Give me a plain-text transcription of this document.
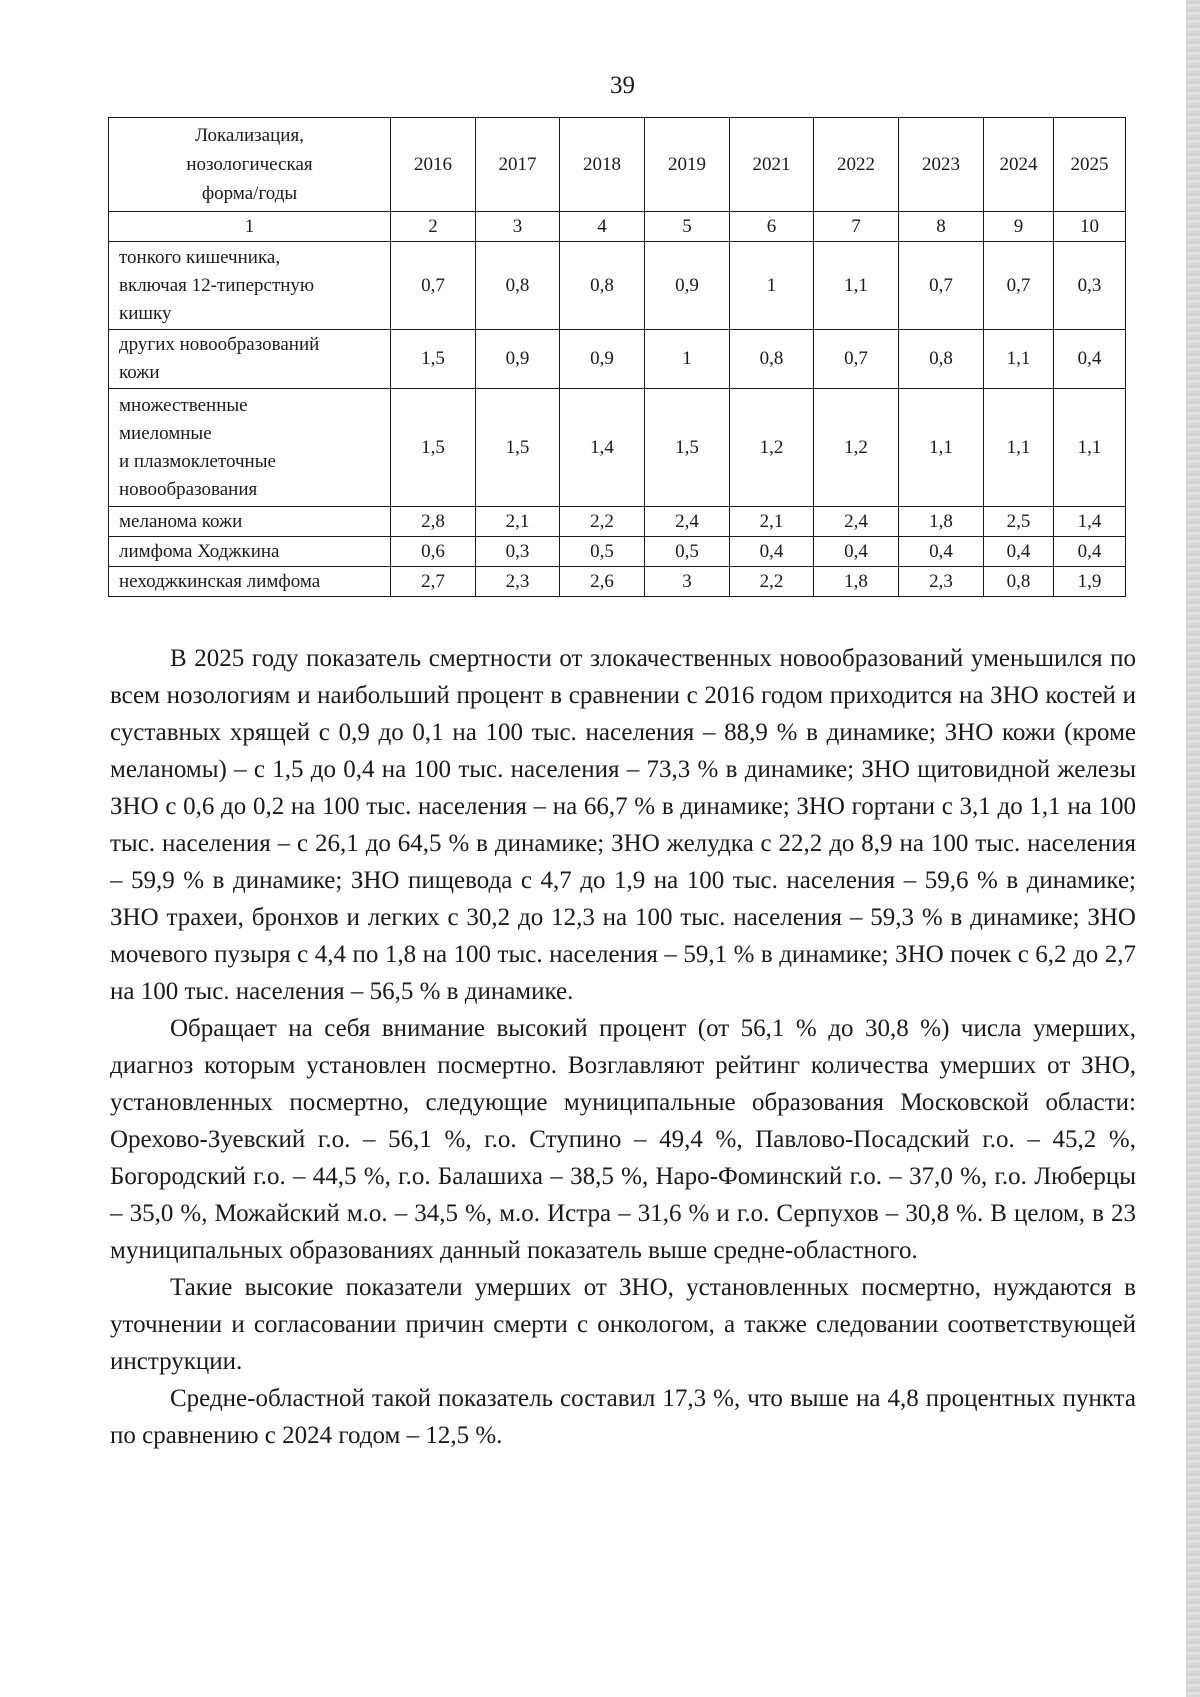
39
Локализация,
нозологическая
форма/годы	2016	2017	2018	2019	2021	2022	2023	2024	2025
1	2	3	4	5	6	7	8	9	10

тонкого кишечника,
включая 12-типерстную
кишку	0,7	0,8	0,8	0,9	1	1,1	0,7	0,7	0,3

других новообразований
кожи	1,5	0,9	0,9	1	0,8	0,7	0,8	1,1	0,4

множественные
миеломные
и плазмоклеточные
новообразования	1,5	1,5	1,4	1,5	1,2	1,2	1,1	1,1	1,1

меланома кожи	2,8	2,1	2,2	2,4	2,1	2,4	1,8	2,5	1,4

лимфома Ходжкина	0,6	0,3	0,5	0,5	0,4	0,4	0,4	0,4	0,4

неходжкинская лимфома	2,7	2,3	2,6	3	2,2	1,8	2,3	0,8	1,9

В 2025 году показатель смертности от злокачественных новообразований уменьшился по всем нозологиям и наибольший процент в сравнении с 2016 годом приходится на ЗНО костей и суставных хрящей с 0,9 до 0,1 на 100 тыс. населения – 88,9 % в динамике; ЗНО кожи (кроме меланомы) – с 1,5 до 0,4 на 100 тыс. населения – 73,3 % в динамике; ЗНО щитовидной железы ЗНО с 0,6 до 0,2 на 100 тыс. населения – на 66,7 % в динамике; ЗНО гортани с 3,1 до 1,1 на 100 тыс. населения – с 26,1 до 64,5 % в динамике; ЗНО желудка с 22,2 до 8,9 на 100 тыс. населения – 59,9 % в динамике; ЗНО пищевода с 4,7 до 1,9 на 100 тыс. населения – 59,6 % в динамике; ЗНО трахеи, бронхов и легких с 30,2 до 12,3 на 100 тыс. населения – 59,3 % в динамике; ЗНО мочевого пузыря с 4,4 по 1,8 на 100 тыс. населения – 59,1 % в динамике; ЗНО почек с 6,2 до 2,7 на 100 тыс. населения – 56,5 % в динамике.

Обращает на себя внимание высокий процент (от 56,1 % до 30,8 %) числа умерших, диагноз которым установлен посмертно. Возглавляют рейтинг количества умерших от ЗНО, установленных посмертно, следующие муниципальные образования Московской области: Орехово-Зуевский г.о. – 56,1 %, г.о. Ступино – 49,4 %, Павлово-Посадский г.о. – 45,2 %, Богородский г.о. – 44,5 %, г.о. Балашиха – 38,5 %, Наро-Фоминский г.о. – 37,0 %, г.о. Люберцы – 35,0 %, Можайский м.о. – 34,5 %, м.о. Истра – 31,6 % и г.о. Серпухов – 30,8 %. В целом, в 23 муниципальных образованиях данный показатель выше средне-областного.

Такие высокие показатели умерших от ЗНО, установленных посмертно, нуждаются в уточнении и согласовании причин смерти с онкологом, а также следовании соответствующей инструкции.

Средне-областной такой показатель составил 17,3 %, что выше на 4,8 процентных пункта по сравнению с 2024 годом – 12,5 %.
